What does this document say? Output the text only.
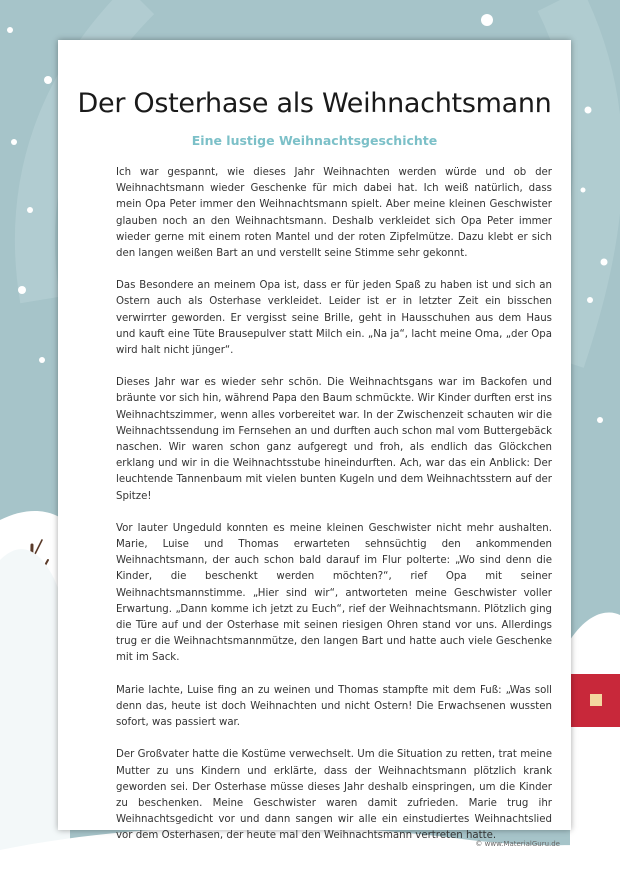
Der Osterhase als Weihnachtsmann
Eine lustige Weihnachtsgeschichte

Ich war gespannt, wie dieses Jahr Weihnachten werden würde und ob der Weihnachtsmann wieder Geschenke für mich dabei hat. Ich weiß natürlich, dass mein Opa Peter immer den Weihnachtsmann spielt. Aber meine kleinen Geschwister glauben noch an den Weihnachtsmann. Deshalb verkleidet sich Opa Peter immer wieder gerne mit einem roten Mantel und der roten Zipfelmütze. Dazu klebt er sich den langen weißen Bart an und verstellt seine Stimme sehr gekonnt.

Das Besondere an meinem Opa ist, dass er für jeden Spaß zu haben ist und sich an Ostern auch als Osterhase verkleidet. Leider ist er in letzter Zeit ein bisschen verwirrter geworden. Er vergisst seine Brille, geht in Hausschuhen aus dem Haus und kauft eine Tüte Brausepulver statt Milch ein. „Na ja“, lacht meine Oma, „der Opa wird halt nicht jünger“.

Dieses Jahr war es wieder sehr schön. Die Weihnachtsgans war im Backofen und bräunte vor sich hin, während Papa den Baum schmückte. Wir Kinder durften erst ins Weihnachtszimmer, wenn alles vorbereitet war. In der Zwischenzeit schauten wir die Weihnachtssendung im Fernsehen an und durften auch schon mal vom Buttergebäck naschen. Wir waren schon ganz aufgeregt und froh, als endlich das Glöckchen erklang und wir in die Weihnachtsstube hineindurften. Ach, war das ein Anblick: Der leuchtende Tannenbaum mit vielen bunten Kugeln und dem Weihnachtsstern auf der Spitze!

Vor lauter Ungeduld konnten es meine kleinen Geschwister nicht mehr aushalten. Marie, Luise und Thomas erwarteten sehnsüchtig den ankommenden Weihnachtsmann, der auch schon bald darauf im Flur polterte: „Wo sind denn die Kinder, die beschenkt werden möchten?“, rief Opa mit seiner Weihnachtsmannstimme. „Hier sind wir“, antworteten meine Geschwister voller Erwartung. „Dann komme ich jetzt zu Euch“, rief der Weihnachtsmann. Plötzlich ging die Türe auf und der Osterhase mit seinen riesigen Ohren stand vor uns. Allerdings trug er die Weihnachtsmannmütze, den langen Bart und hatte auch viele Geschenke mit im Sack.

Marie lachte, Luise fing an zu weinen und Thomas stampfte mit dem Fuß: „Was soll denn das, heute ist doch Weihnachten und nicht Ostern! Die Erwachsenen wussten sofort, was passiert war.

Der Großvater hatte die Kostüme verwechselt. Um die Situation zu retten, trat meine Mutter zu uns Kindern und erklärte, dass der Weihnachtsmann plötzlich krank geworden sei. Der Osterhase müsse dieses Jahr deshalb einspringen, um die Kinder zu beschenken. Meine Geschwister waren damit zufrieden. Marie trug ihr Weihnachtsgedicht vor und dann sangen wir alle ein einstudiertes Weihnachtslied vor dem Osterhasen, der heute mal den Weihnachtsmann vertreten hatte.

© www.MaterialGuru.de
